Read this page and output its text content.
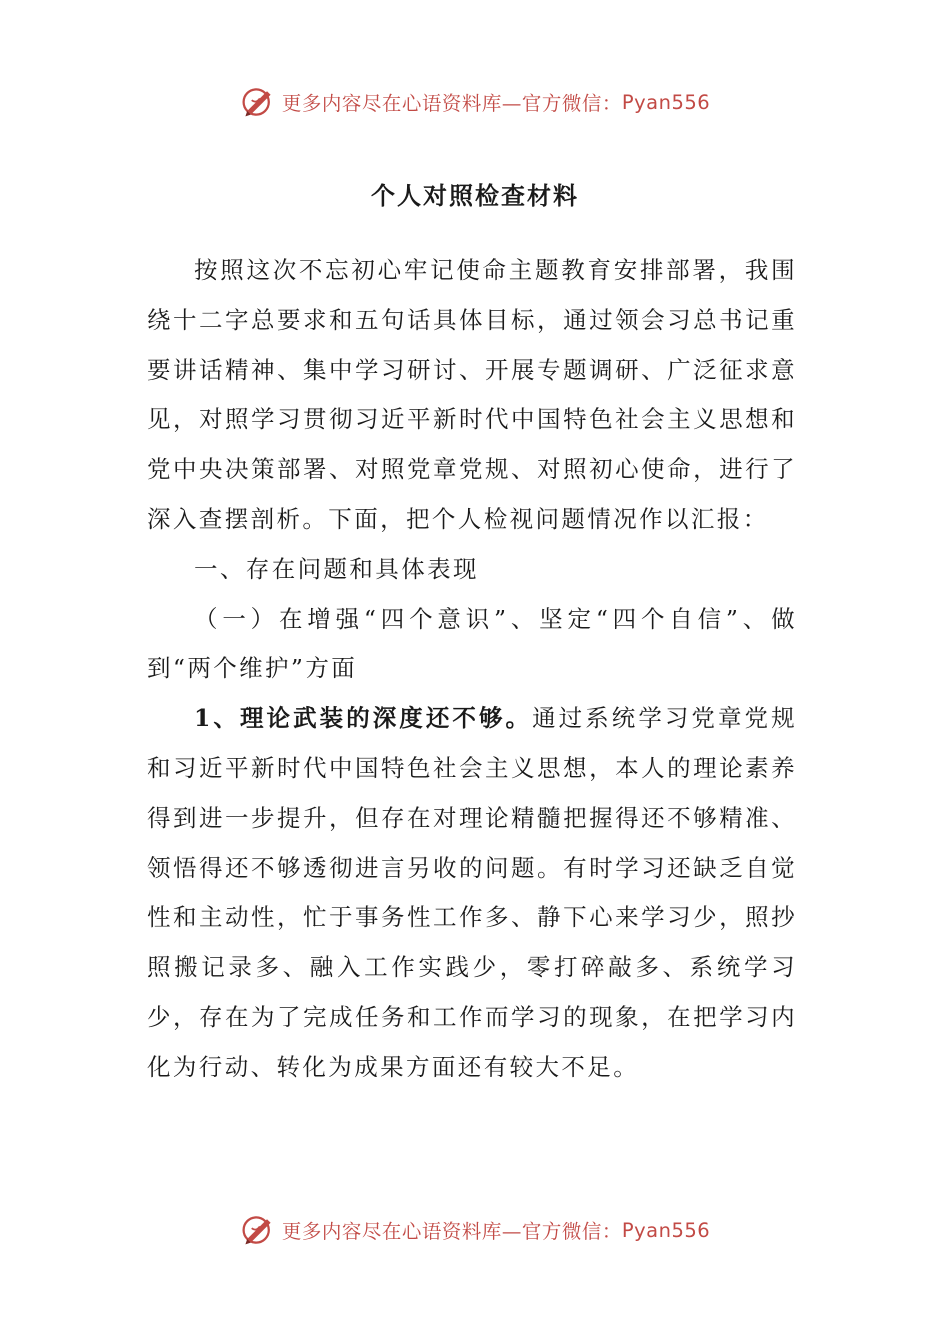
更多内容尽在心语资料库—官方微信： Pyan556
个人对照检查材料

按照这次不忘初心牢记使命主题教育安排部署，我围绕十二字总要求和五句话具体目标，通过领会习总书记重要讲话精神、集中学习研讨、开展专题调研、广泛征求意见，对照学习贯彻习近平新时代中国特色社会主义思想和党中央决策部署、对照党章党规、对照初心使命，进行了深入查摆剖析。下面，把个人检视问题情况作以汇报：

一、存在问题和具体表现

（一）在增强“四个意识”、坚定“四个自信”、做到“两个维护”方面

1、理论武装的深度还不够。通过系统学习党章党规和习近平新时代中国特色社会主义思想，本人的理论素养得到进一步提升，但存在对理论精髓把握得还不够精准、领悟得还不够透彻进言另收的问题。有时学习还缺乏自觉性和主动性，忙于事务性工作多、静下心来学习少，照抄照搬记录多、融入工作实践少，零打碎敲多、系统学习少，存在为了完成任务和工作而学习的现象，在把学习内化为行动、转化为成果方面还有较大不足。

更多内容尽在心语资料库—官方微信： Pyan556
